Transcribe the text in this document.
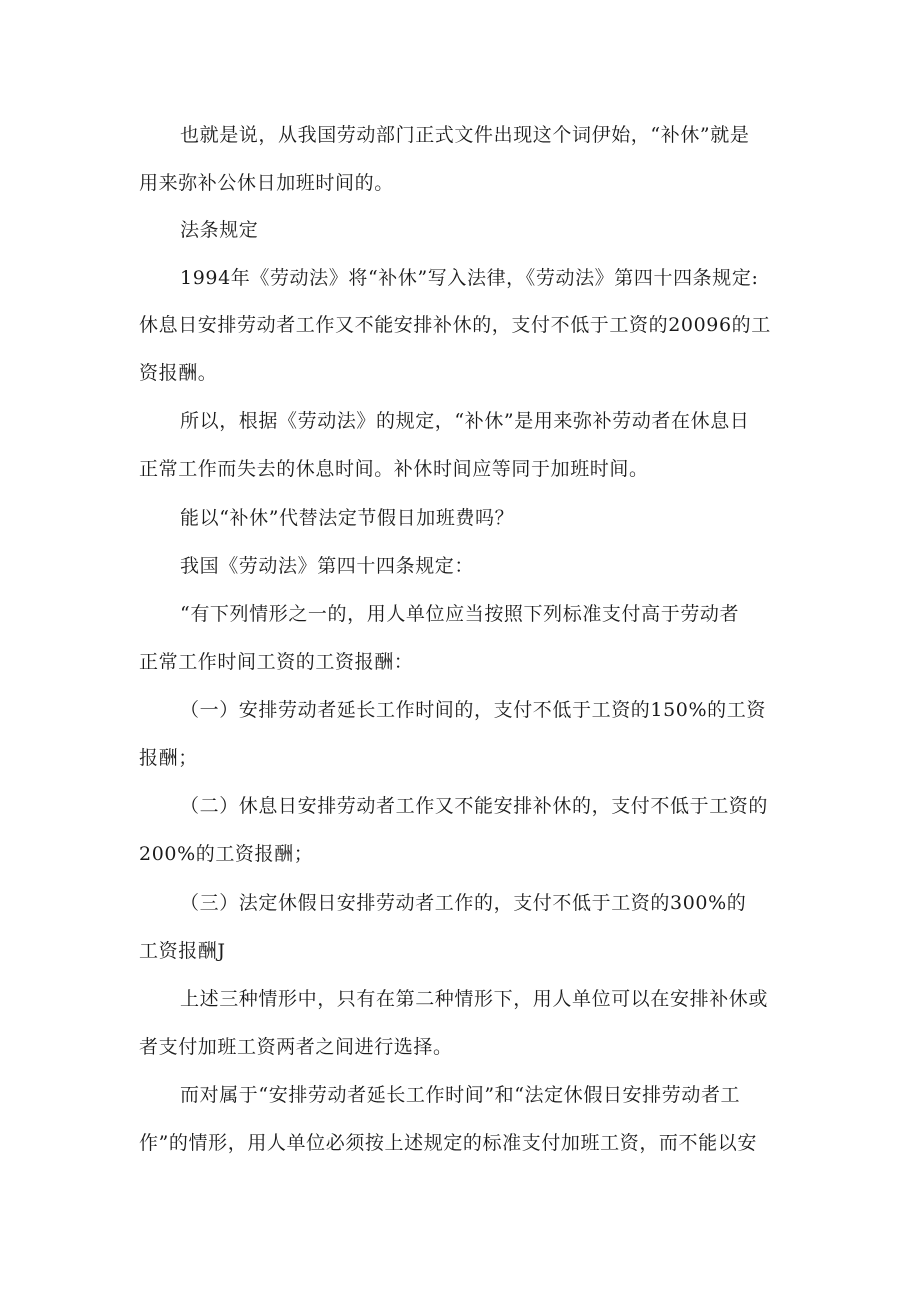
也就是说，从我国劳动部门正式文件出现这个词伊始，“补休”就是
用来弥补公休日加班时间的。
法条规定
1994年《劳动法》将“补休”写入法律，《劳动法》第四十四条规定:
休息日安排劳动者工作又不能安排补休的，支付不低于工资的20096的工
资报酬。
所以，根据《劳动法》的规定，“补休”是用来弥补劳动者在休息日
正常工作而失去的休息时间。补休时间应等同于加班时间。
能以“补休”代替法定节假日加班费吗？
我国《劳动法》第四十四条规定：
“有下列情形之一的，用人单位应当按照下列标准支付高于劳动者
正常工作时间工资的工资报酬：
（一）安排劳动者延长工作时间的，支付不低于工资的150%的工资
报酬；
（二）休息日安排劳动者工作又不能安排补休的，支付不低于工资的
200%的工资报酬；
（三）法定休假日安排劳动者工作的，支付不低于工资的300%的
工资报酬J
上述三种情形中，只有在第二种情形下，用人单位可以在安排补休或
者支付加班工资两者之间进行选择。
而对属于“安排劳动者延长工作时间”和“法定休假日安排劳动者工
作”的情形，用人单位必须按上述规定的标准支付加班工资，而不能以安
